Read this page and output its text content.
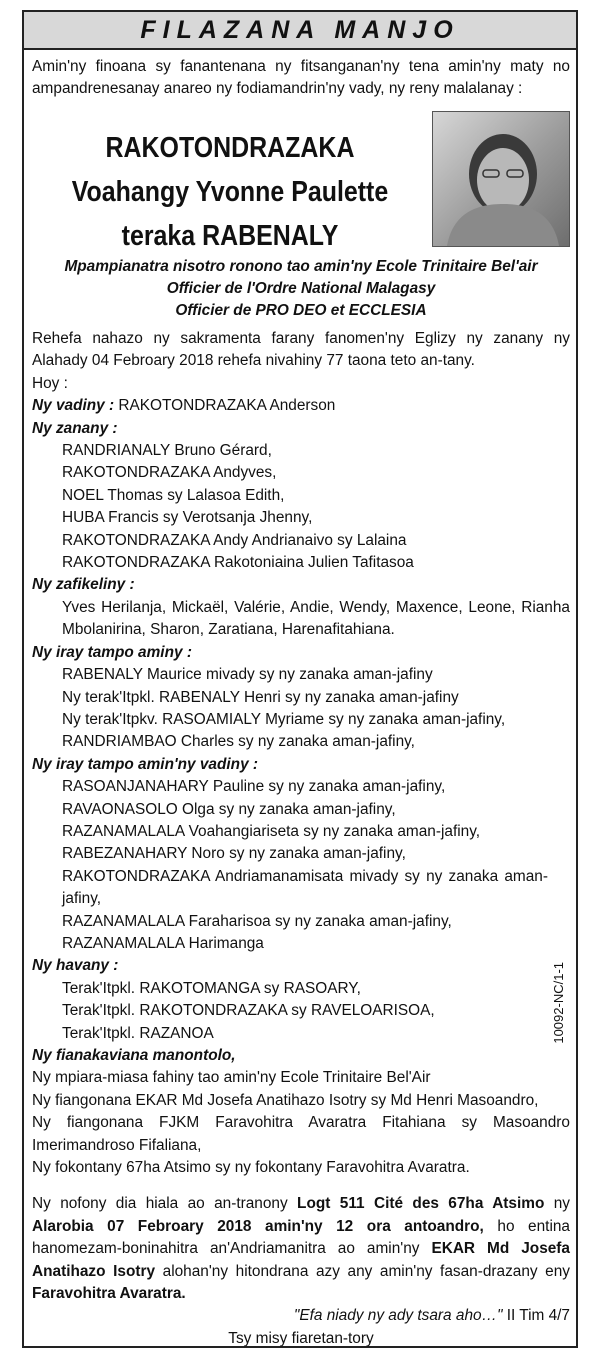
FILAZANA MANJO

Amin'ny finoana sy fanantenana ny fitsanganan'ny tena amin'ny maty no ampandrenesanay anareo ny fodiamandrin'ny vady, ny reny malalanay :

RAKOTONDRAZAKA
Voahangy Yvonne Paulette
teraka RABENALY
Mpampianatra nisotro ronono tao amin'ny Ecole Trinitaire Bel'air
Officier de l'Ordre National Malagasy
Officier de PRO DEO et ECCLESIA

Rehefa nahazo ny sakramenta farany fanomen'ny Eglizy ny zanany ny Alahady 04 Febroary 2018 rehefa nivahiny 77 taona teto an-tany.

Hoy :

Ny vadiny : RAKOTONDRAZAKA Anderson

Ny zanany :

RANDRIANALY Bruno Gérard,

RAKOTONDRAZAKA Andyves,

NOEL Thomas sy Lalasoa Edith,

HUBA Francis sy Verotsanja Jhenny,

RAKOTONDRAZAKA Andy Andrianaivo sy Lalaina

RAKOTONDRAZAKA Rakotoniaina Julien Tafitasoa

Ny zafikeliny :

Yves Herilanja, Mickaël, Valérie, Andie, Wendy, Maxence, Leone, Rianha Mbolanirina, Sharon, Zaratiana, Harenafitahiana.

Ny iray tampo aminy :

RABENALY Maurice mivady sy ny zanaka aman-jafiny

Ny terak'Itpkl. RABENALY Henri sy ny zanaka aman-jafiny

Ny terak'Itpkv. RASOAMIALY Myriame sy ny zanaka aman-jafiny,

RANDRIAMBAO Charles sy ny zanaka aman-jafiny,

Ny iray tampo amin'ny vadiny :

RASOANJANAHARY Pauline sy ny zanaka aman-jafiny,

RAVAONASOLO Olga sy ny zanaka aman-jafiny,

RAZANAMALALA Voahangiariseta sy ny zanaka aman-jafiny,

RABEZANAHARY Noro sy ny zanaka aman-jafiny,

RAKOTONDRAZAKA Andriamanamisata mivady sy ny zanaka aman-jafiny,

RAZANAMALALA Faraharisoa sy ny zanaka aman-jafiny,

RAZANAMALALA Harimanga

Ny havany :

Terak'Itpkl. RAKOTOMANGA sy RASOARY,

Terak'Itpkl. RAKOTONDRAZAKA sy RAVELOARISOA,

Terak'Itpkl. RAZANOA

Ny fianakaviana manontolo,

Ny mpiara-miasa fahiny tao amin'ny Ecole Trinitaire Bel'Air

Ny fiangonana EKAR Md Josefa Anatihazo Isotry sy Md Henri Masoandro,

Ny fiangonana FJKM Faravohitra Avaratra Fitahiana sy Masoandro Imerimandroso Fifaliana,

Ny fokontany 67ha Atsimo sy ny fokontany Faravohitra Avaratra.

Ny nofony dia hiala ao an-tranony Logt 511 Cité des 67ha Atsimo ny Alarobia 07 Febroary 2018 amin'ny 12 ora antoandro, ho entina hanomezam-boninahitra an'Andriamanitra ao amin'ny EKAR Md Josefa Anatihazo Isotry alohan'ny hitondrana azy any amin'ny fasan-drazany eny Faravohitra Avaratra.

"Efa niady ny ady tsara aho…" II Tim 4/7

Tsy misy fiaretan-tory

10092-NC/1-1
